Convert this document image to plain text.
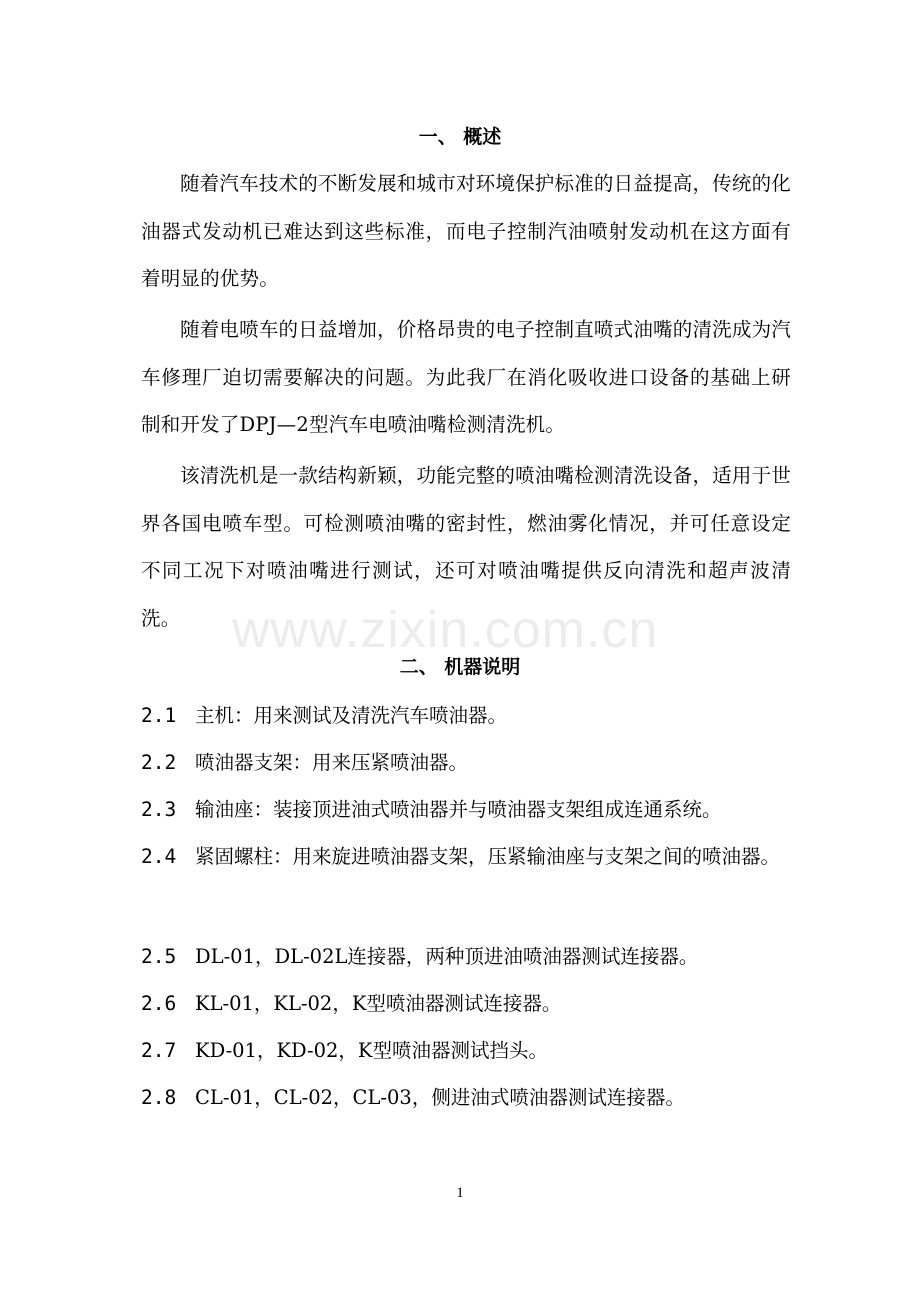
一、 概述
随着汽车技术的不断发展和城市对环境保护标准的日益提高，传统的化油器式发动机已难达到这些标准，而电子控制汽油喷射发动机在这方面有着明显的优势。
随着电喷车的日益增加，价格昂贵的电子控制直喷式油嘴的清洗成为汽车修理厂迫切需要解决的问题。为此我厂在消化吸收进口设备的基础上研制和开发了DPJ—2型汽车电喷油嘴检测清洗机。
该清洗机是一款结构新颖，功能完整的喷油嘴检测清洗设备，适用于世界各国电喷车型。可检测喷油嘴的密封性，燃油雾化情况，并可任意设定不同工况下对喷油嘴进行测试，还可对喷油嘴提供反向清洗和超声波清洗。 www.zixin.com.cn
二、 机器说明
2.1 主机：用来测试及清洗汽车喷油器。
2.2 喷油器支架：用来压紧喷油器。
2.3 输油座：装接顶进油式喷油器并与喷油器支架组成连通系统。
2.4 紧固螺柱：用来旋进喷油器支架，压紧输油座与支架之间的喷油器。
2.5 DL-01，DL-02L连接器，两种顶进油喷油器测试连接器。
2.6 KL-01，KL-02，K型喷油器测试连接器。
2.7 KD-01，KD-02，K型喷油器测试挡头。
2.8 CL-01，CL-02，CL-03，侧进油式喷油器测试连接器。
1
